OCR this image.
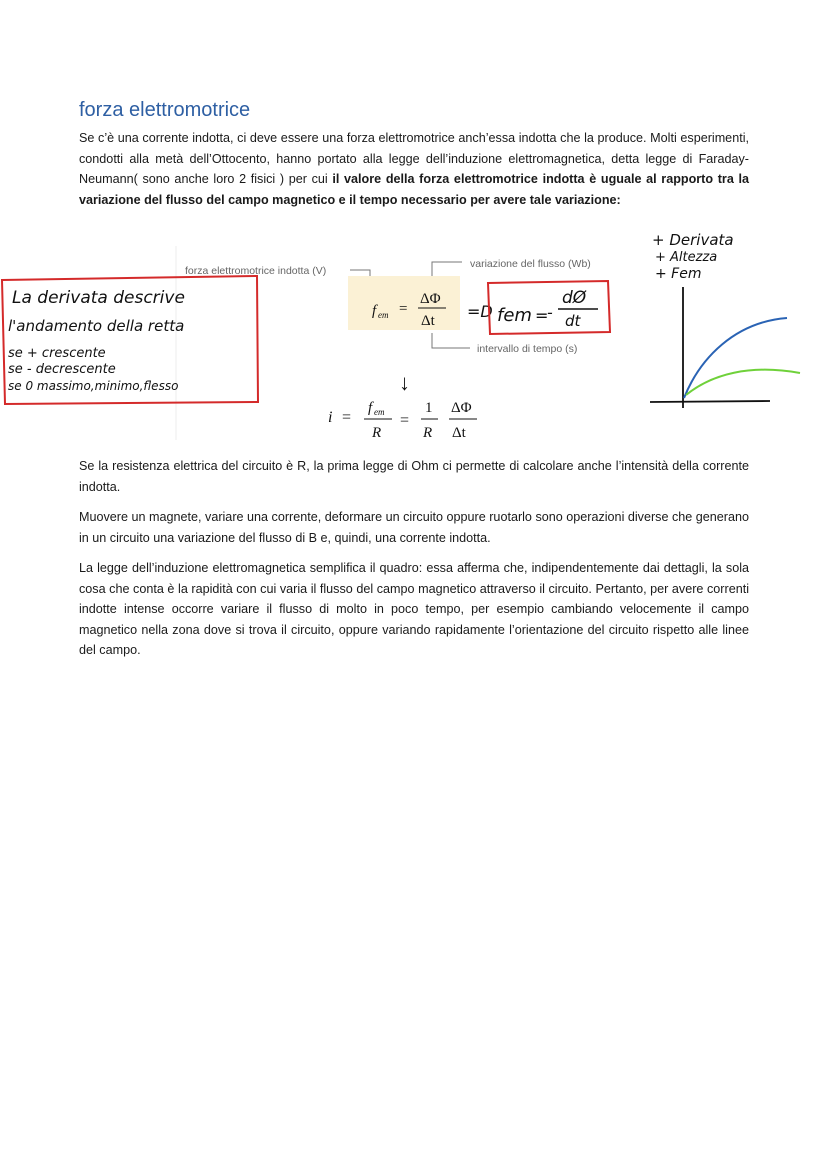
forza elettromotrice

Se c’è una corrente indotta, ci deve essere una forza elettromotrice anch’essa indotta che la produce. Molti esperimenti, condotti alla metà dell’Ottocento, hanno portato alla legge dell’induzione elettromagnetica, detta legge di Faraday-Neumann( sono anche loro 2 fisici ) per cui il valore della forza elettromotrice indotta è uguale al rapporto tra la variazione del flusso del campo magnetico e il tempo necessario per avere tale variazione:

forza elettromotrice indotta (V)
variazione del flusso (Wb)
intervallo di tempo (s)
f em =
ΔΦ
Δt
↓
i =
f em
R
=
1
R
ΔΦ
Δt
La derivata descrive
l'andamento della retta
se + crescente
se - decrescente
se 0 massimo,minimo,flesso
=D fem =
-
dØ
dt
+ Derivata
+ Altezza
+ Fem

Se la resistenza elettrica del circuito è R, la prima legge di Ohm ci permette di calcolare anche l’intensità della corrente indotta.

Muovere un magnete, variare una corrente, deformare un circuito oppure ruotarlo sono operazioni diverse che generano in un circuito una variazione del flusso di B e, quindi, una corrente indotta.

La legge dell’induzione elettromagnetica semplifica il quadro: essa afferma che, indipendentemente dai dettagli, la sola cosa che conta è la rapidità con cui varia il flusso del campo magnetico attraverso il circuito. Pertanto, per avere correnti indotte intense occorre variare il flusso di molto in poco tempo, per esempio cambiando velocemente il campo magnetico nella zona dove si trova il circuito, oppure variando rapidamente l’orientazione del circuito rispetto alle linee del campo.
